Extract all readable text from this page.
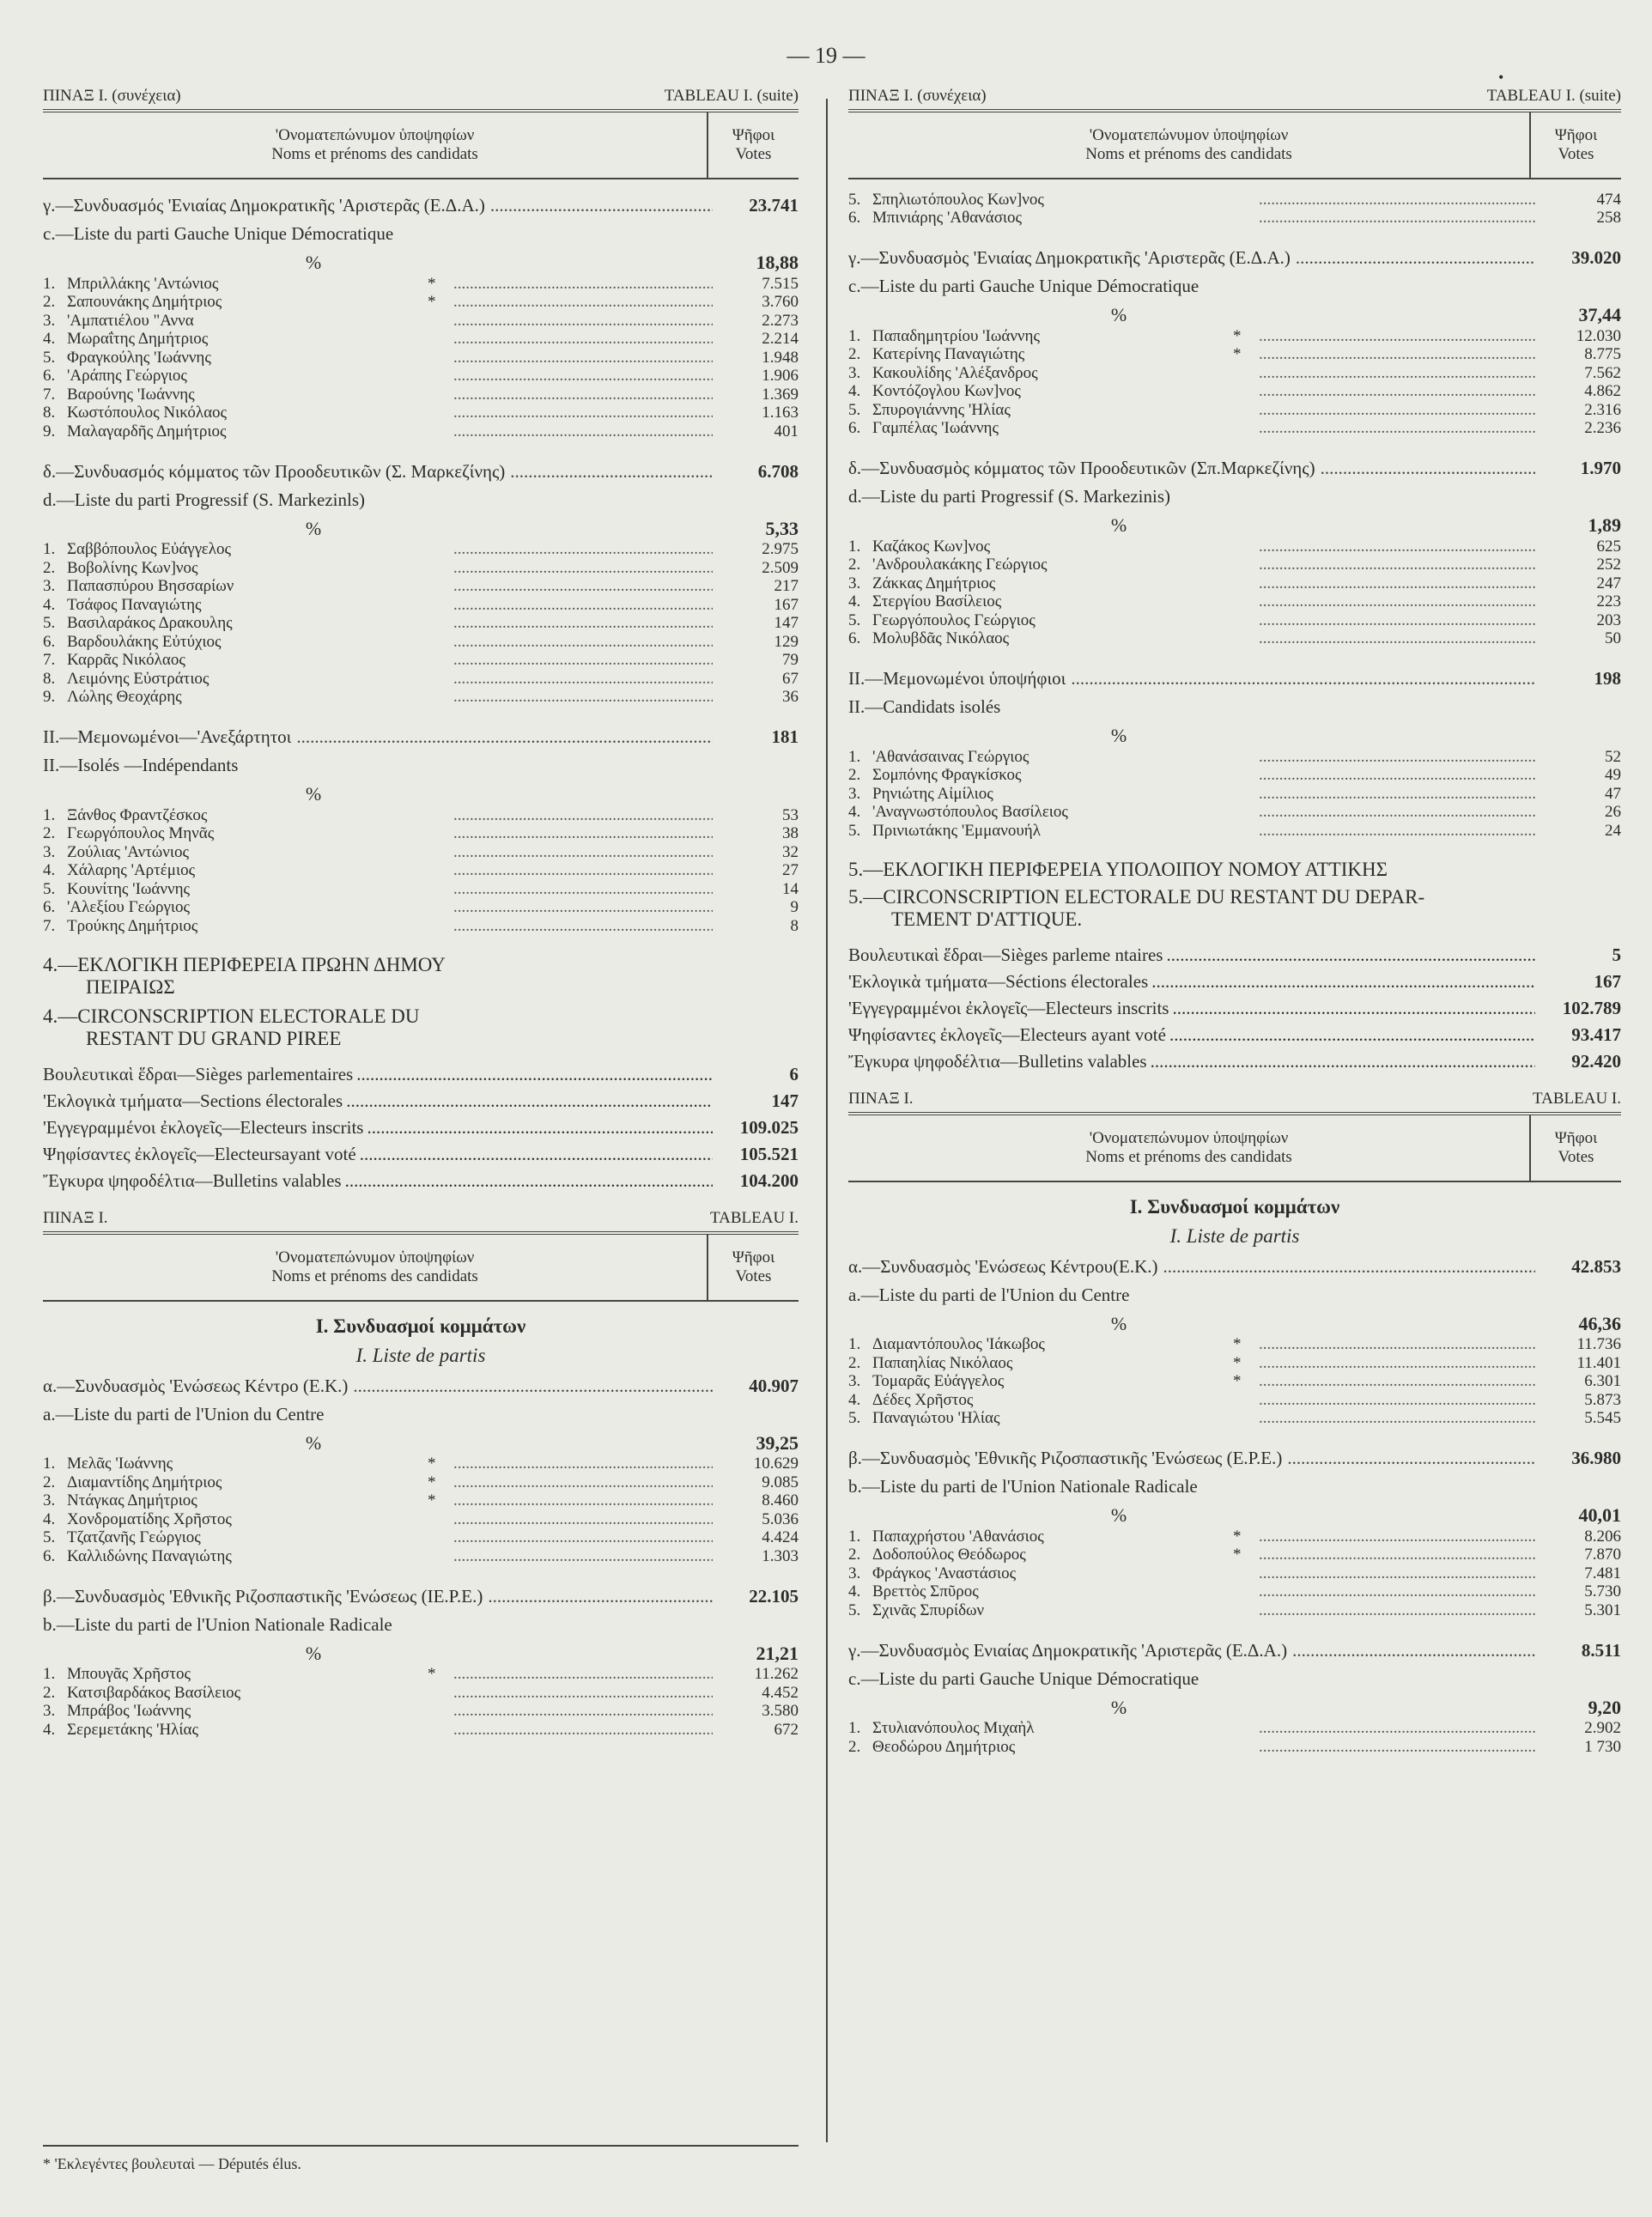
— 19 —
•
ΠΙΝΑΞ I. (συνέχεια)	TABLEAU I. (suite)
'Ονοματεπώνυμον ὑποψηφίων
Noms et prénoms des candidats
Ψῆφοι
Votes
γ.—Συνδυασμός 'Ενιαίας Δημοκρατικῆς 'Αριστερᾶς (Ε.Δ.Α.) .....	23.741
c.—Liste du parti Gauche Unique Démocratique
%	18,88
1. Μπριλλάκης 'Αντώνιος	* .....	7.515
2. Σαπουνάκης Δημήτριος	* .....	3.760
3. 'Αμπατιέλου "Αννα .....	2.273
4. Μωραΐτης Δημήτριος .....	2.214
5. Φραγκούλης 'Ιωάννης .....	1.948
6. 'Αράπης Γεώργιος .....	1.906
7. Βαρούνης 'Ιωάννης .....	1.369
8. Κωστόπουλος Νικόλαος .....	1.163
9. Μαλαγαρδῆς Δημήτριος .....	401
δ.—Συνδυασμός κόμματος τῶν Προοδευτικῶν (Σ. Μαρκεζίνης) .....	6.708
d.—Liste du parti Progressif (S. Markezinls)
%	5,33
1. Σαββόπουλος Εὐάγγελος .....	2.975
2. Βοβολίνης Κων]νος .....	2.509
3. Παπασπύρου Βησσαρίων .....	217
4. Τσάφος Παναγιώτης .....	167
5. Βασιλαράκος Δρακουλης .....	147
6. Βαρδουλάκης Εὐτύχιος .....	129
7. Καρρᾶς Νικόλαος .....	79
8. Λειμόνης Εὐστράτιος .....	67
9. Λώλης Θεοχάρης .....	36
II.—Μεμονωμένοι—'Ανεξάρτητοι .....	181
II.—Isolés —Indépendants
%
1. Ξάνθος Φραντζέσκος .....	53
2. Γεωργόπουλος Μηνᾶς .....	38
3. Ζούλιας 'Αντώνιος .....	32
4. Χάλαρης 'Αρτέμιος .....	27
5. Κουνίτης 'Ιωάννης .....	14
6. 'Αλεξίου Γεώργιος .....	9
7. Τρούκης Δημήτριος .....	8
4.—ΕΚΛΟΓΙΚΗ ΠΕΡΙΦΕΡΕΙΑ ΠΡΩΗΝ ΔΗΜΟΥ
ΠΕΙΡΑΙΩΣ
4.—CIRCONSCRIPTION ELECTORALE DU
RESTANT DU GRAND PIREE
Βουλευτικαὶ ἕδραι—Sièges parlementaires .....	6
'Εκλογικὰ τμήματα—Sections électorales .....	147
'Εγγεγραμμένοι ἐκλογεῖς—Electeurs inscrits .....	109.025
Ψηφίσαντες ἐκλογεῖς—Electeursayant voté .....	105.521
Ἔγκυρα ψηφοδέλτια—Bulletins valables .....	104.200
ΠΙΝΑΞ I.	TABLEAU I.
'Ονοματεπώνυμον ὑποψηφίων
Noms et prénoms des candidats
Ψῆφοι
Votes
I. Συνδυασμοί κομμάτων
I. Liste de partis
α.—Συνδυασμὸς 'Ενώσεως Κέντρο (Ε.Κ.) .....	40.907
a.—Liste du parti de l'Union du Centre
%	39,25
1. Μελᾶς 'Ιωάννης	* .....	10.629
2. Διαμαντίδης Δημήτριος	* .....	9.085
3. Ντάγκας Δημήτριος	* .....	8.460
4. Χονδροματίδης Χρῆστος .....	5.036
5. Τζατζανῆς Γεώργιος .....	4.424
6. Καλλιδώνης Παναγιώτης .....	1.303
β.—Συνδυασμὸς 'Εθνικῆς Ριζοσπαστικῆς 'Ενώσεως (ΙΕ.Ρ.Ε.) .....	22.105
b.—Liste du parti de l'Union Nationale Radicale
%	21,21
1. Μπουγᾶς Χρῆστος	* .....	11.262
2. Κατσιβαρδάκος Βασίλειος .....	4.452
3. Μπράβος 'Ιωάννης .....	3.580
4. Σερεμετάκης 'Ηλίας .....	672
ΠΙΝΑΞ I. (συνέχεια)	TABLEAU I. (suite)
'Ονοματεπώνυμον ὑποψηφίων
Noms et prénoms des candidats
Ψῆφοι
Votes
5. Σπηλιωτόπουλος Κων]νος .....	474
6. Μπινιάρης 'Αθανάσιος .....	258
γ.—Συνδυασμὸς 'Ενιαίας Δημοκρατικῆς 'Αριστερᾶς (Ε.Δ.Α.) .....	39.020
c.—Liste du parti Gauche Unique Démocratique
%	37,44
1. Παπαδημητρίου 'Ιωάννης	* .....	12.030
2. Κατερίνης Παναγιώτης	* .....	8.775
3. Κακουλίδης 'Αλέξανδρος .....	7.562
4. Κοντόζογλου Κων]νος .....	4.862
5. Σπυρογιάννης 'Ηλίας .....	2.316
6. Γαμπέλας 'Ιωάννης .....	2.236
δ.—Συνδυασμὸς κόμματος τῶν Προοδευτικῶν (Σπ.Μαρκεζίνης) .....	1.970
d.—Liste du parti Progressif (S. Markezinis)
%	1,89
1. Καζάκος Κων]νος .....	625
2. 'Ανδρουλακάκης Γεώργιος .....	252
3. Ζάκκας Δημήτριος .....	247
4. Στεργίου Βασίλειος .....	223
5. Γεωργόπουλος Γεώργιος .....	203
6. Μολυβδᾶς Νικόλαος .....	50
II.—Μεμονωμένοι ὑποψήφιοι .....	198
II.—Candidats isolés
%
1. 'Αθανάσαινας Γεώργιος .....	52
2. Σομπόνης Φραγκίσκος .....	49
3. Ρηνιώτης Αἰμίλιος .....	47
4. 'Αναγνωστόπουλος Βασίλειος .....	26
5. Πρινιωτάκης 'Εμμανουήλ .....	24
5.—ΕΚΛΟΓΙΚΗ ΠΕΡΙΦΕΡΕΙΑ ΥΠΟΛΟΙΠΟΥ ΝΟΜΟΥ ΑΤΤΙΚΗΣ
5.—CIRCONSCRIPTION ELECTORALE DU RESTANT DU DEPAR-
TEMENT D'ATTIQUE.
Βουλευτικαὶ ἕδραι—Sièges parleme ntaires .....	5
'Εκλογικὰ τμήματα—Séctions électorales .....	167
'Εγγεγραμμένοι ἐκλογεῖς—Electeurs inscrits .....	102.789
Ψηφίσαντες ἐκλογεῖς—Electeurs ayant voté .....	93.417
Ἔγκυρα ψηφοδέλτια—Bulletins valables .....	92.420
ΠΙΝΑΞ I.	TABLEAU I.
'Ονοματεπώνυμον ὑποψηφίων
Noms et prénoms des candidats
Ψῆφοι
Votes
I. Συνδυασμοί κομμάτων
I. Liste de partis
α.—Συνδυασμὸς 'Ενώσεως Κέντρου(Ε.Κ.) .....	42.853
a.—Liste du parti de l'Union du Centre
%	46,36
1. Διαμαντόπουλος 'Ιάκωβος	* .....	11.736
2. Παπαηλίας Νικόλαος	* .....	11.401
3. Τομαρᾶς Εὐάγγελος	* .....	6.301
4. Δέδες Χρῆστος .....	5.873
5. Παναγιώτου 'Ηλίας .....	5.545
β.—Συνδυασμὸς 'Εθνικῆς Ριζοσπαστικῆς 'Ενώσεως (Ε.Ρ.Ε.) .....	36.980
b.—Liste du parti de l'Union Nationale Radicale
%	40,01
1. Παπαχρήστου 'Αθανάσιος	* .....	8.206
2. Δοδοπούλος Θεόδωρος	* .....	7.870
3. Φράγκος 'Αναστάσιος .....	7.481
4. Βρεττὸς Σπῦρος .....	5.730
5. Σχινᾶς Σπυρίδων .....	5.301
γ.—Συνδυασμὸς Ενιαίας Δημοκρατικῆς 'Αριστερᾶς (Ε.Δ.Α.) .....	8.511
c.—Liste du parti Gauche Unique Démocratique
%	9,20
1. Στυλιανόπουλος Μιχαὴλ .....	2.902
2. Θεοδώρου Δημήτριος .....	1 730
* 'Εκλεγέντες βουλευταὶ — Députés élus.
